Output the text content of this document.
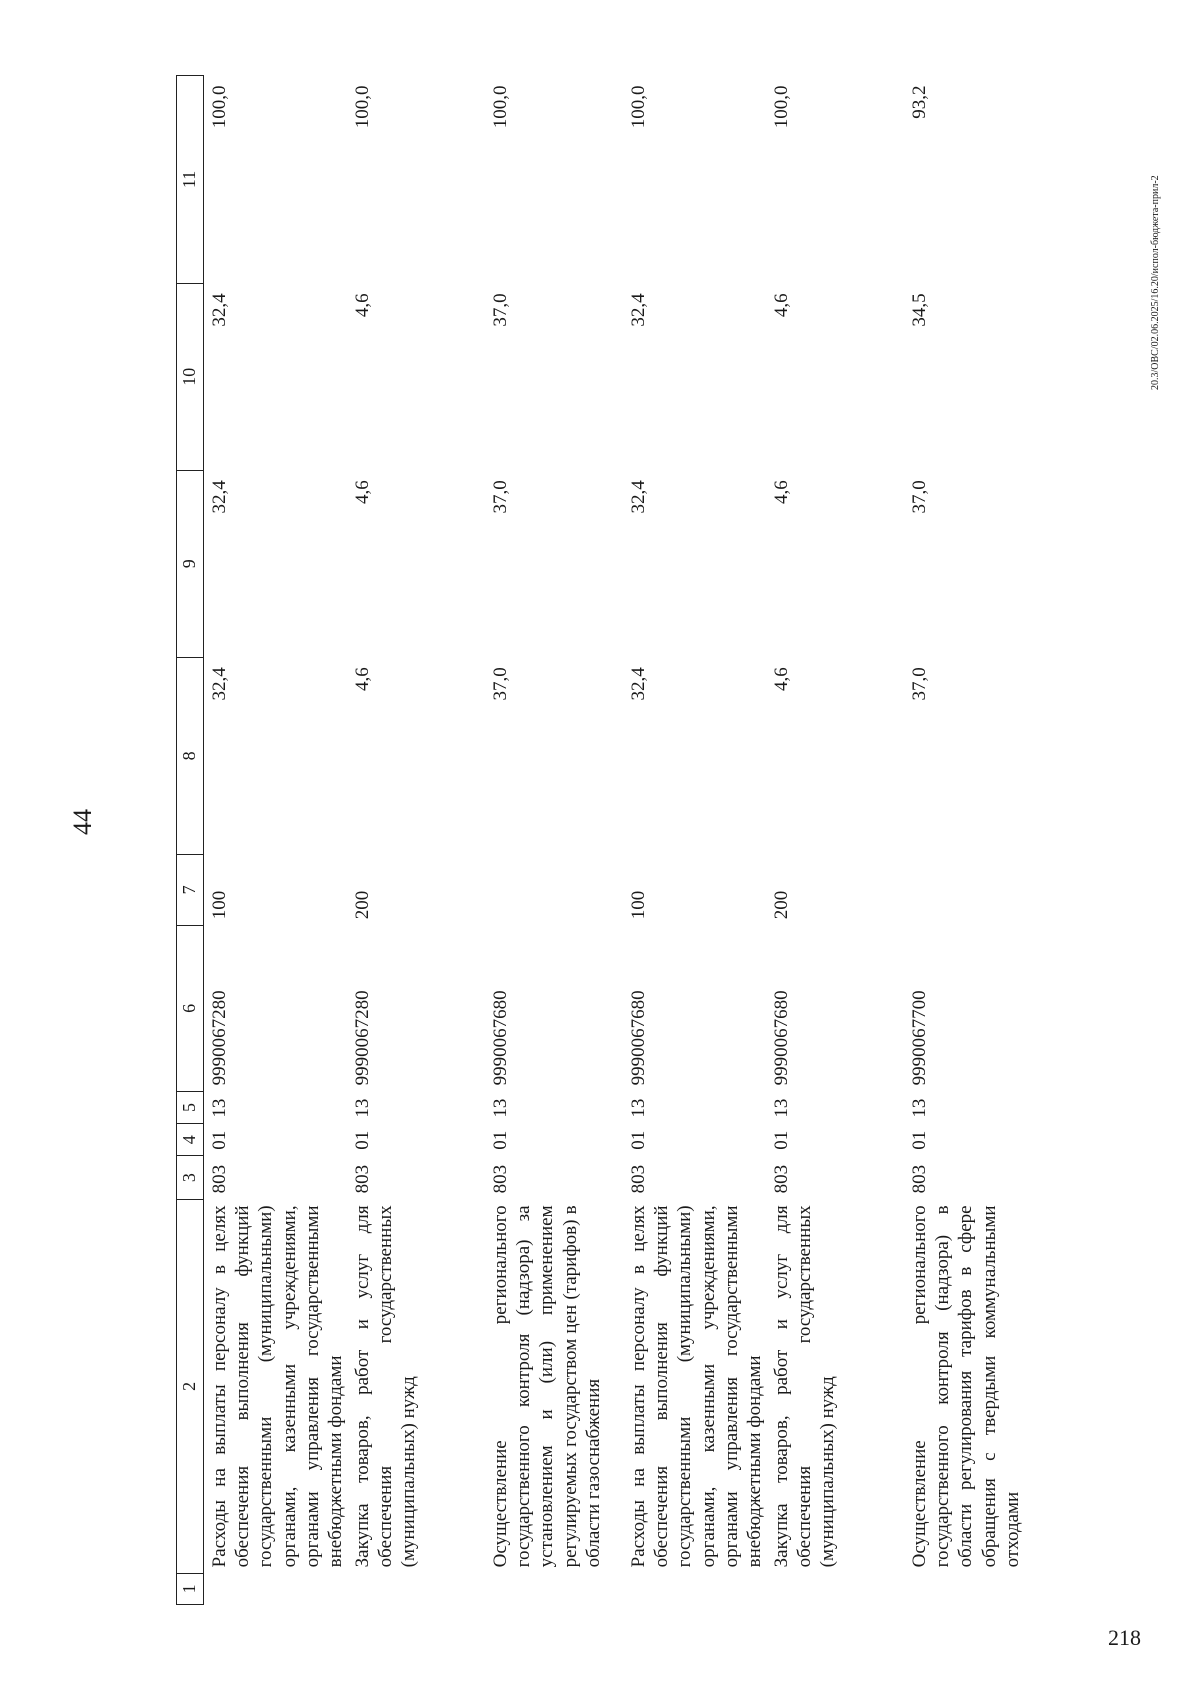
44
1	2	3	4	5	6	7	8	9	10	11
	Расходы на выплаты персоналу в целях обеспечения выполнения функций государственными (муниципальными) органами, казенными учреждениями, органами управления государственными внебюджетными фондами	803	01	13	9990067280	100	32,4	32,4	32,4	100,0
	Закупка товаров, работ и услуг для обеспечения государственных (муниципальных) нужд	803	01	13	9990067280	200	4,6	4,6	4,6	100,0
	Осуществление регионального государственного контроля (надзора) за установлением и (или) применением регулируемых государством цен (тарифов) в области газоснабжения	803	01	13	9990067680		37,0	37,0	37,0	100,0
	Расходы на выплаты персоналу в целях обеспечения выполнения функций государственными (муниципальными) органами, казенными учреждениями, органами управления государственными внебюджетными фондами	803	01	13	9990067680	100	32,4	32,4	32,4	100,0
	Закупка товаров, работ и услуг для обеспечения государственных (муниципальных) нужд	803	01	13	9990067680	200	4,6	4,6	4,6	100,0
	Осуществление регионального государственного контроля (надзора) в области регулирования тарифов в сфере обращения с твердыми коммунальными отходами	803	01	13	9990067700		37,0	37,0	34,5	93,2
20.3/ОВС/02.06.2025/16.20/испол-бюджета-прил-2
218
